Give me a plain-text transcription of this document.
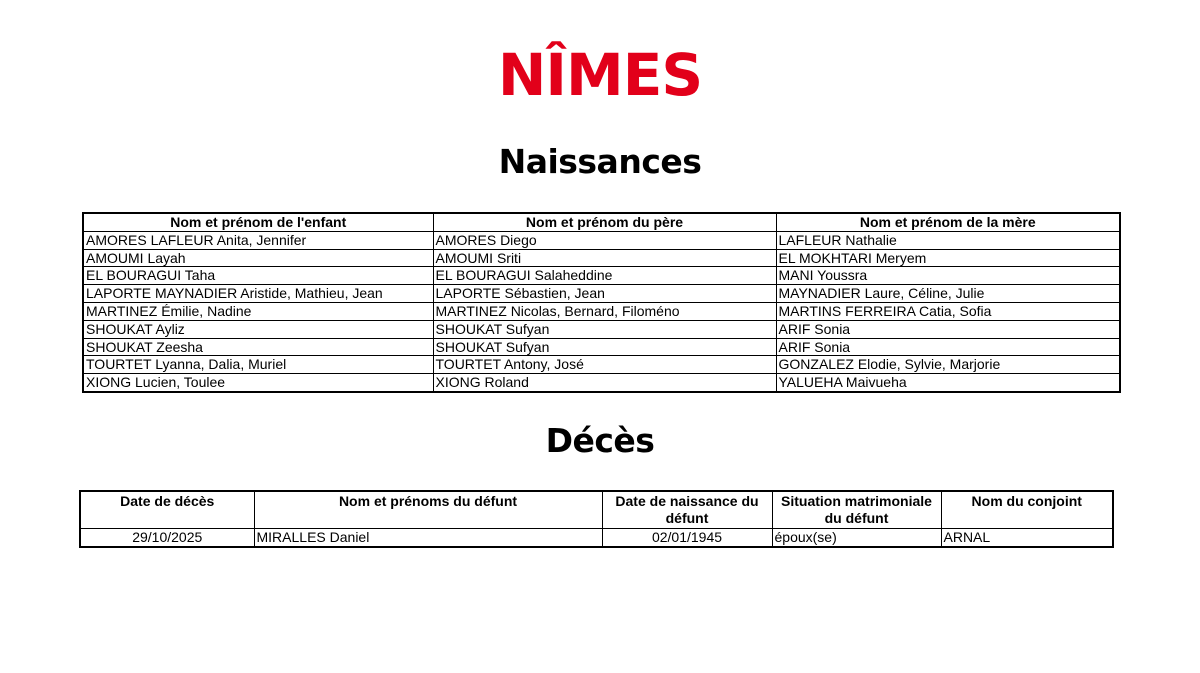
NÎMES
Naissances
Nom et prénom de l'enfant	Nom et prénom du père	Nom et prénom de la mère
AMORES LAFLEUR Anita, Jennifer	AMORES Diego	LAFLEUR Nathalie
AMOUMI Layah	AMOUMI Sriti	EL MOKHTARI Meryem
EL BOURAGUI Taha	EL BOURAGUI Salaheddine	MANI Youssra
LAPORTE MAYNADIER Aristide, Mathieu, Jean	LAPORTE Sébastien, Jean	MAYNADIER Laure, Céline, Julie
MARTINEZ Émilie, Nadine	MARTINEZ Nicolas, Bernard, Filoméno	MARTINS FERREIRA Catia, Sofia
SHOUKAT Ayliz	SHOUKAT Sufyan	ARIF Sonia
SHOUKAT Zeesha	SHOUKAT Sufyan	ARIF Sonia
TOURTET Lyanna, Dalia, Muriel	TOURTET Antony, José	GONZALEZ Elodie, Sylvie, Marjorie
XIONG Lucien, Toulee	XIONG Roland	YALUEHA Maivueha
Décès
Date de décès	Nom et prénoms du défunt	Date de naissance du défunt	Situation matrimoniale du défunt	Nom du conjoint
29/10/2025	MIRALLES Daniel	02/01/1945	époux(se)	ARNAL
